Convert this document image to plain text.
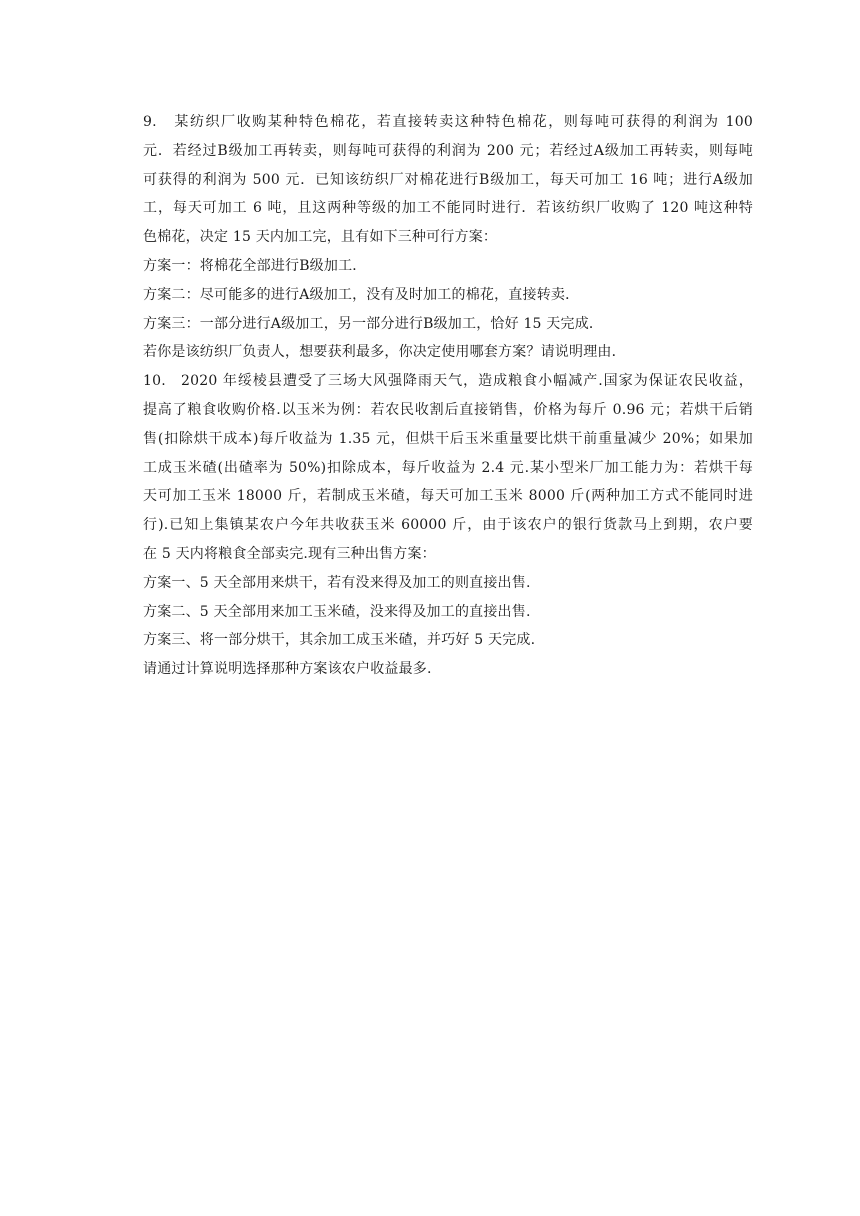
9. 某纺织厂收购某种特色棉花，若直接转卖这种特色棉花，则每吨可获得的利润为 100
元．若经过B级加工再转卖，则每吨可获得的利润为 200 元；若经过A级加工再转卖，则每吨
可获得的利润为 500 元．已知该纺织厂对棉花进行B级加工，每天可加工 16 吨；进行A级加
工，每天可加工 6 吨，且这两种等级的加工不能同时进行．若该纺织厂收购了 120 吨这种特
色棉花，决定 15 天内加工完，且有如下三种可行方案：
方案一：将棉花全部进行B级加工．
方案二：尽可能多的进行A级加工，没有及时加工的棉花，直接转卖．
方案三：一部分进行A级加工，另一部分进行B级加工，恰好 15 天完成．
若你是该纺织厂负责人，想要获利最多，你决定使用哪套方案？请说明理由．
10. 2020 年绥棱县遭受了三场大风强降雨天气，造成粮食小幅减产.国家为保证农民收益，
提高了粮食收购价格.以玉米为例：若农民收割后直接销售，价格为每斤 0.96 元；若烘干后销
售(扣除烘干成本)每斤收益为 1.35 元，但烘干后玉米重量要比烘干前重量减少 20%；如果加
工成玉米碴(出碴率为 50%)扣除成本，每斤收益为 2.4 元.某小型米厂加工能力为：若烘干每
天可加工玉米 18000 斤，若制成玉米碴，每天可加工玉米 8000 斤(两种加工方式不能同时进
行).已知上集镇某农户今年共收获玉米 60000 斤，由于该农户的银行货款马上到期，农户要
在 5 天内将粮食全部卖完.现有三种出售方案：
方案一、5 天全部用来烘干，若有没来得及加工的则直接出售.
方案二、5 天全部用来加工玉米碴，没来得及加工的直接出售.
方案三、将一部分烘干，其余加工成玉米碴，并巧好 5 天完成.
请通过计算说明选择那种方案该农户收益最多.
